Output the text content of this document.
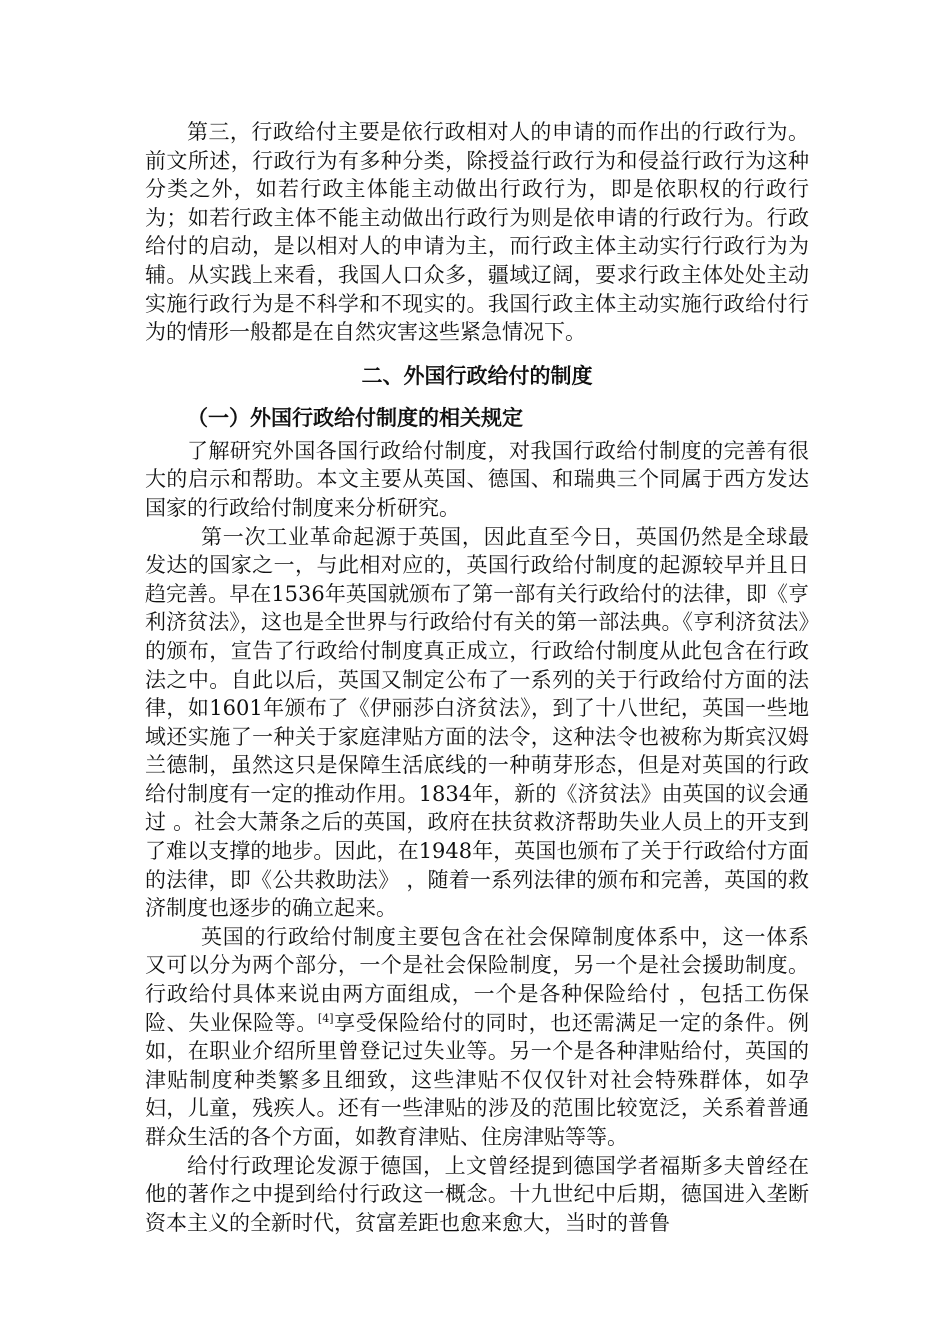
第三，行政给付主要是依行政相对人的申请的而作出的行政行为。前文所述，行政行为有多种分类，除授益行政行为和侵益行政行为这种分类之外，如若行政主体能主动做出行政行为，即是依职权的行政行为；如若行政主体不能主动做出行政行为则是依申请的行政行为。行政给付的启动，是以相对人的申请为主，而行政主体主动实行行政行为为辅。从实践上来看，我国人口众多，疆域辽阔，要求行政主体处处主动实施行政行为是不科学和不现实的。我国行政主体主动实施行政给付行为的情形一般都是在自然灾害这些紧急情况下。

二、外国行政给付的制度
（一）外国行政给付制度的相关规定

了解研究外国各国行政给付制度，对我国行政给付制度的完善有很大的启示和帮助。本文主要从英国、德国、和瑞典三个同属于西方发达国家的行政给付制度来分析研究。

第一次工业革命起源于英国，因此直至今日，英国仍然是全球最发达的国家之一，与此相对应的，英国行政给付制度的起源较早并且日趋完善。早在1536年英国就颁布了第一部有关行政给付的法律，即《亨利济贫法》，这也是全世界与行政给付有关的第一部法典。《亨利济贫法》的颁布，宣告了行政给付制度真正成立，行政给付制度从此包含在行政法之中。自此以后，英国又制定公布了一系列的关于行政给付方面的法律，如1601年颁布了《伊丽莎白济贫法》，到了十八世纪，英国一些地域还实施了一种关于家庭津贴方面的法令，这种法令也被称为斯宾汉姆兰德制，虽然这只是保障生活底线的一种萌芽形态，但是对英国的行政给付制度有一定的推动作用。1834年，新的《济贫法》由英国的议会通过 。社会大萧条之后的英国，政府在扶贫救济帮助失业人员上的开支到了难以支撑的地步。因此，在1948年，英国也颁布了关于行政给付方面的法律，即《公共救助法》 ，随着一系列法律的颁布和完善，英国的救济制度也逐步的确立起来。

英国的行政给付制度主要包含在社会保障制度体系中，这一体系又可以分为两个部分，一个是社会保险制度，另一个是社会援助制度。行政给付具体来说由两方面组成，一个是各种保险给付 ，包括工伤保险、失业保险等。[4]享受保险给付的同时，也还需满足一定的条件。例如，在职业介绍所里曾登记过失业等。另一个是各种津贴给付，英国的津贴制度种类繁多且细致，这些津贴不仅仅针对社会特殊群体，如孕妇，儿童，残疾人。还有一些津贴的涉及的范围比较宽泛，关系着普通群众生活的各个方面，如教育津贴、住房津贴等等。

给付行政理论发源于德国，上文曾经提到德国学者福斯多夫曾经在他的著作之中提到给付行政这一概念。十九世纪中后期，德国进入垄断资本主义的全新时代，贫富差距也愈来愈大，当时的普鲁
